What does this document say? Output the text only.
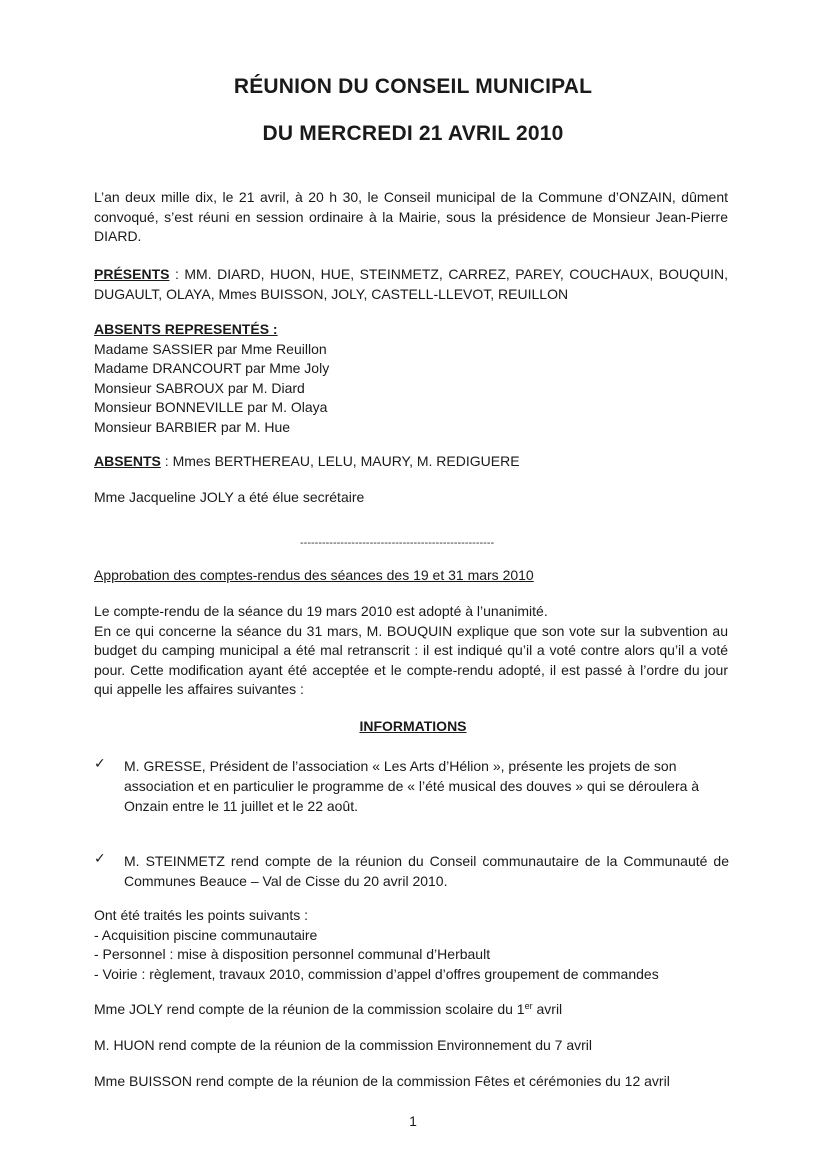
RÉUNION DU CONSEIL MUNICIPAL
DU MERCREDI 21 AVRIL 2010
L’an deux mille dix, le 21 avril, à 20 h 30, le Conseil municipal de la Commune d’ONZAIN, dûment
convoqué, s’est réuni en session ordinaire à la Mairie, sous la présidence de Monsieur Jean-Pierre
DIARD.
PRÉSENTS : MM. DIARD, HUON, HUE, STEINMETZ, CARREZ, PAREY, COUCHAUX, BOUQUIN,
DUGAULT, OLAYA, Mmes BUISSON, JOLY, CASTELL-LLEVOT, REUILLON
ABSENTS REPRESENTÉS :
Madame SASSIER par Mme Reuillon
Madame DRANCOURT par Mme Joly
Monsieur SABROUX par M. Diard
Monsieur BONNEVILLE par M. Olaya
Monsieur BARBIER par M. Hue
ABSENTS : Mmes BERTHEREAU, LELU, MAURY, M. REDIGUERE
Mme Jacqueline JOLY a été élue secrétaire
-----------------------------------------------------
Approbation des comptes-rendus des séances des 19 et 31 mars 2010
Le compte-rendu de la séance du 19 mars 2010 est adopté à l’unanimité.
En ce qui concerne la séance du 31 mars, M. BOUQUIN explique que son vote sur la subvention au
budget du camping municipal a été mal retranscrit : il est indiqué qu’il a voté contre alors qu’il a voté
pour. Cette modification ayant été acceptée et le compte-rendu adopté, il est passé à l’ordre du jour
qui appelle les affaires suivantes :
INFORMATIONS
✓ M. GRESSE, Président de l’association « Les Arts d’Hélion », présente les projets de son
association et en particulier le programme de « l’été musical des douves » qui se déroulera à
Onzain entre le 11 juillet et le 22 août.
✓ M. STEINMETZ rend compte de la réunion du Conseil communautaire de la Communauté de
Communes Beauce – Val de Cisse du 20 avril 2010.
Ont été traités les points suivants :
- Acquisition piscine communautaire
- Personnel : mise à disposition personnel communal d’Herbault
- Voirie : règlement, travaux 2010, commission d’appel d’offres groupement de commandes
Mme JOLY rend compte de la réunion de la commission scolaire du 1er avril
M. HUON rend compte de la réunion de la commission Environnement du 7 avril
Mme BUISSON rend compte de la réunion de la commission Fêtes et cérémonies du 12 avril
1
